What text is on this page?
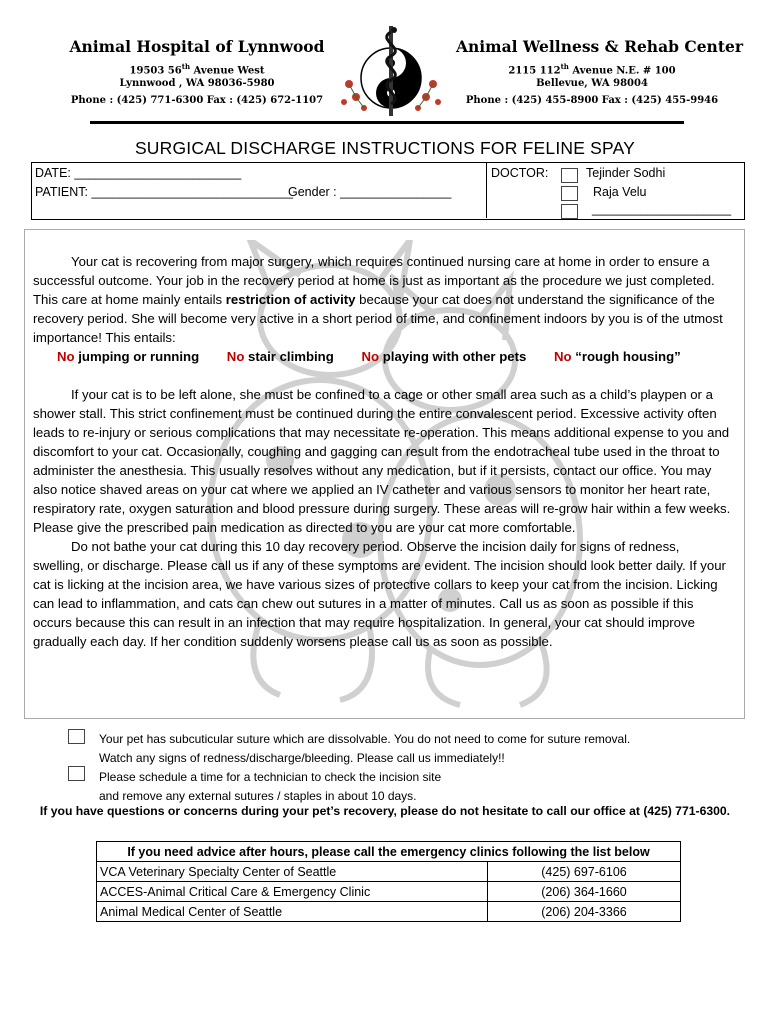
Animal Hospital of Lynnwood
19503 56th Avenue West
Lynnwood , WA 98036-5980
Phone : (425) 771-6300 Fax : (425) 672-1107
Animal Wellness & Rehab Center
2115 112th Avenue N.E. # 100
Bellevue, WA 98004
Phone : (425) 455-8900 Fax : (425) 455-9946
SURGICAL DISCHARGE INSTRUCTIONS FOR FELINE SPAY
DATE: ________________________
PATIENT: _____________________________
Gender : ________________
DOCTOR:	Tejinder Sodhi
Raja Velu
____________________

Your cat is recovering from major surgery, which requires continued nursing care at home in order to ensure a successful outcome. Your job in the recovery period at home is just as important as the procedure we just completed. This care at home mainly entails restriction of activity because your cat does not understand the significance of the recovery period. She will become very active in a short period of time, and confinement indoors by you is of the utmost importance! This entails:

No jumping or running No stair climbing No playing with other pets No “rough housing”

If your cat is to be left alone, she must be confined to a cage or other small area such as a child’s playpen or a shower stall. This strict confinement must be continued during the entire convalescent period. Excessive activity often leads to re-injury or serious complications that may necessitate re-operation. This means additional expense to you and discomfort to your cat. Occasionally, coughing and gagging can result from the endotracheal tube used in the throat to administer the anesthesia. This usually resolves without any medication, but if it persists, contact our office. You may also notice shaved areas on your cat where we applied an IV catheter and various sensors to monitor her heart rate, respiratory rate, oxygen saturation and blood pressure during surgery. These areas will re-grow hair within a few weeks. Please give the prescribed pain medication as directed to you are your cat more comfortable.

Do not bathe your cat during this 10 day recovery period. Observe the incision daily for signs of redness, swelling, or discharge. Please call us if any of these symptoms are evident. The incision should look better daily. If your cat is licking at the incision area, we have various sizes of protective collars to keep your cat from the incision. Licking can lead to inflammation, and cats can chew out sutures in a matter of minutes. Call us as soon as possible if this occurs because this can result in an infection that may require hospitalization. In general, your cat should improve gradually each day. If her condition suddenly worsens please call us as soon as possible.

Your pet has subcuticular suture which are dissolvable. You do not need to come for suture removal.
Watch any signs of redness/discharge/bleeding. Please call us immediately!!
Please schedule a time for a technician to check the incision site
and remove any external sutures / staples in about 10 days.
If you have questions or concerns during your pet’s recovery, please do not hesitate to call our office at (425) 771-6300.
If you need advice after hours, please call the emergency clinics following the list below	
VCA Veterinary Specialty Center of Seattle	(425) 697-6106
ACCES-Animal Critical Care & Emergency Clinic	(206) 364-1660
Animal Medical Center of Seattle	(206) 204-3366
